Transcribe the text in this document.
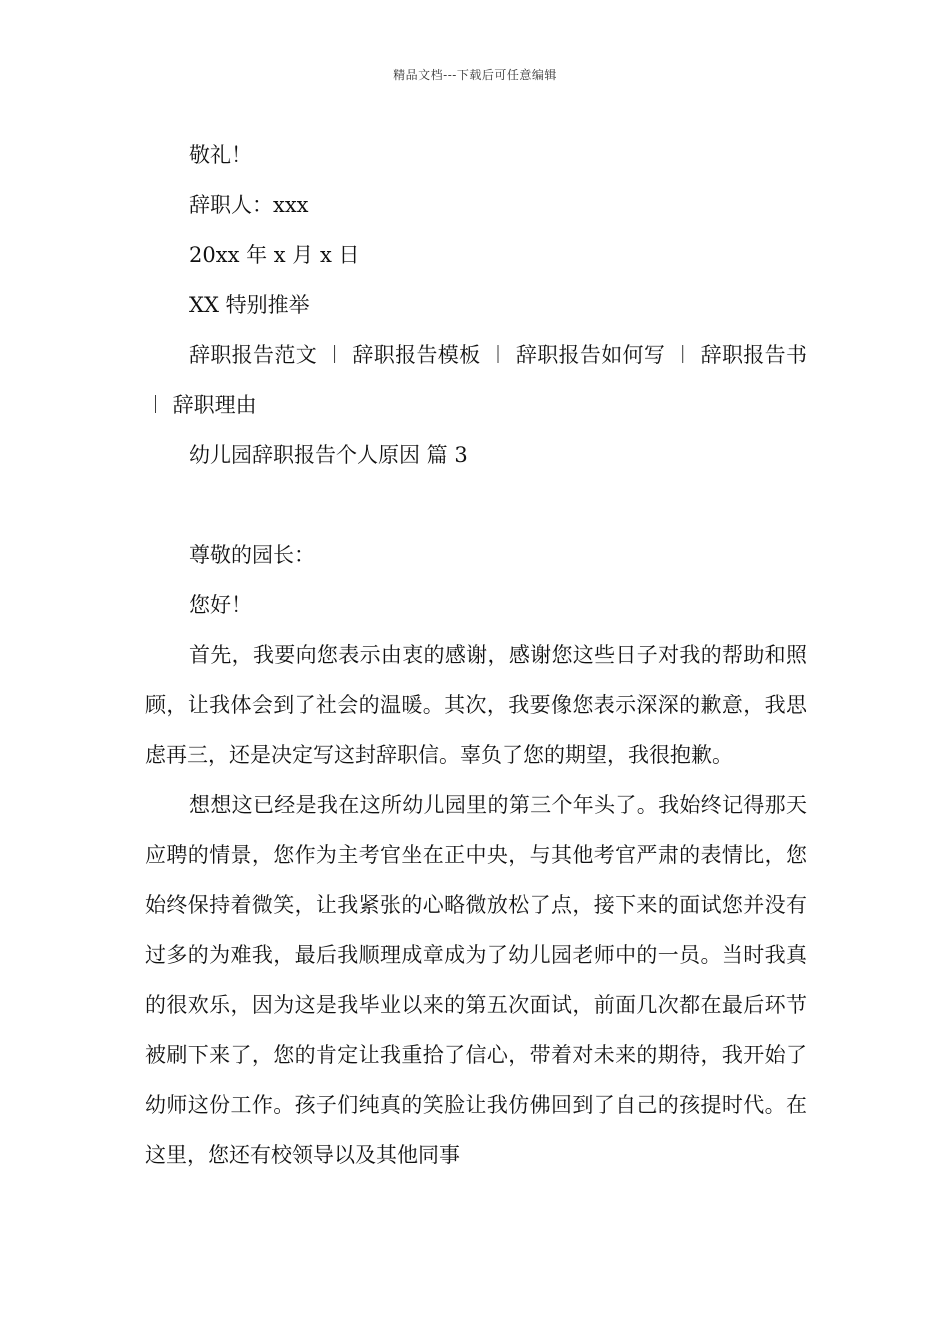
精品文档---下载后可任意编辑

敬礼！

辞职人：xxx

20xx 年 x 月 x 日

XX 特别推举

辞职报告范文 ︱ 辞职报告模板 ︱ 辞职报告如何写 ︱ 辞职报告书 ︱ 辞职理由

幼儿园辞职报告个人原因 篇 3

尊敬的园长：

您好！

首先，我要向您表示由衷的感谢，感谢您这些日子对我的帮助和照顾，让我体会到了社会的温暖。其次，我要像您表示深深的歉意，我思虑再三，还是决定写这封辞职信。辜负了您的期望，我很抱歉。

想想这已经是我在这所幼儿园里的第三个年头了。我始终记得那天应聘的情景，您作为主考官坐在正中央，与其他考官严肃的表情比，您始终保持着微笑，让我紧张的心略微放松了点，接下来的面试您并没有过多的为难我，最后我顺理成章成为了幼儿园老师中的一员。当时我真的很欢乐，因为这是我毕业以来的第五次面试，前面几次都在最后环节被刷下来了，您的肯定让我重拾了信心，带着对未来的期待，我开始了幼师这份工作。孩子们纯真的笑脸让我仿佛回到了自己的孩提时代。在这里，您还有校领导以及其他同事
